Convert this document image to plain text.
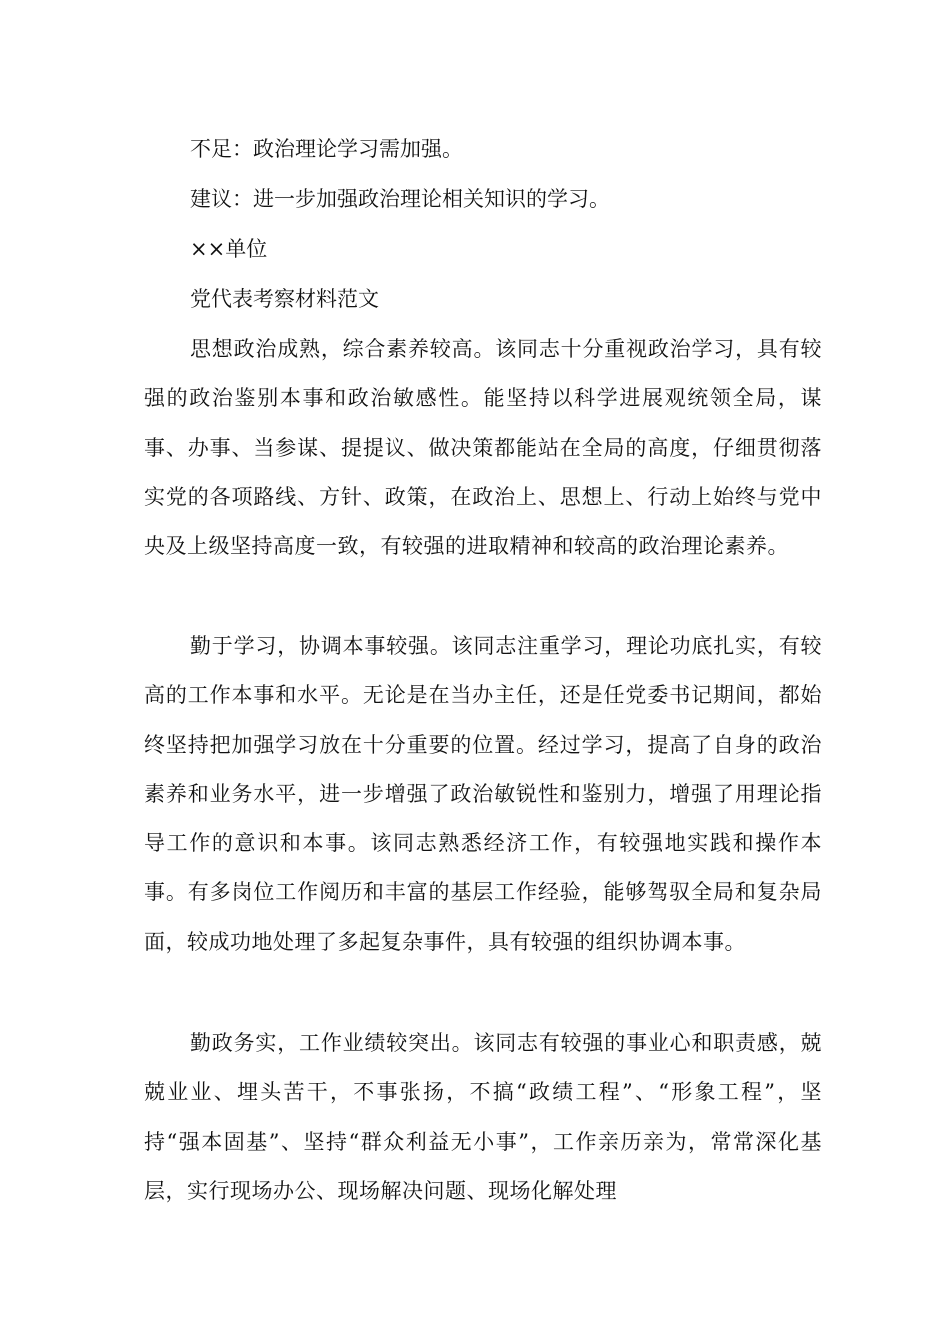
不足：政治理论学习需加强。

建议：进一步加强政治理论相关知识的学习。

××单位

党代表考察材料范文

思想政治成熟，综合素养较高。该同志十分重视政治学习，具有较强的政治鉴别本事和政治敏感性。能坚持以科学进展观统领全局，谋事、办事、当参谋、提提议、做决策都能站在全局的高度，仔细贯彻落实党的各项路线、方针、政策，在政治上、思想上、行动上始终与党中央及上级坚持高度一致，有较强的进取精神和较高的政治理论素养。

勤于学习，协调本事较强。该同志注重学习，理论功底扎实，有较高的工作本事和水平。无论是在当办主任，还是任党委书记期间，都始终坚持把加强学习放在十分重要的位置。经过学习，提高了自身的政治素养和业务水平，进一步增强了政治敏锐性和鉴别力，增强了用理论指导工作的意识和本事。该同志熟悉经济工作，有较强地实践和操作本事。有多岗位工作阅历和丰富的基层工作经验，能够驾驭全局和复杂局面，较成功地处理了多起复杂事件，具有较强的组织协调本事。

勤政务实，工作业绩较突出。该同志有较强的事业心和职责感，兢兢业业、埋头苦干，不事张扬，不搞“政绩工程”、“形象工程”，坚持“强本固基”、坚持“群众利益无小事”，工作亲历亲为，常常深化基层，实行现场办公、现场解决问题、现场化解处理
